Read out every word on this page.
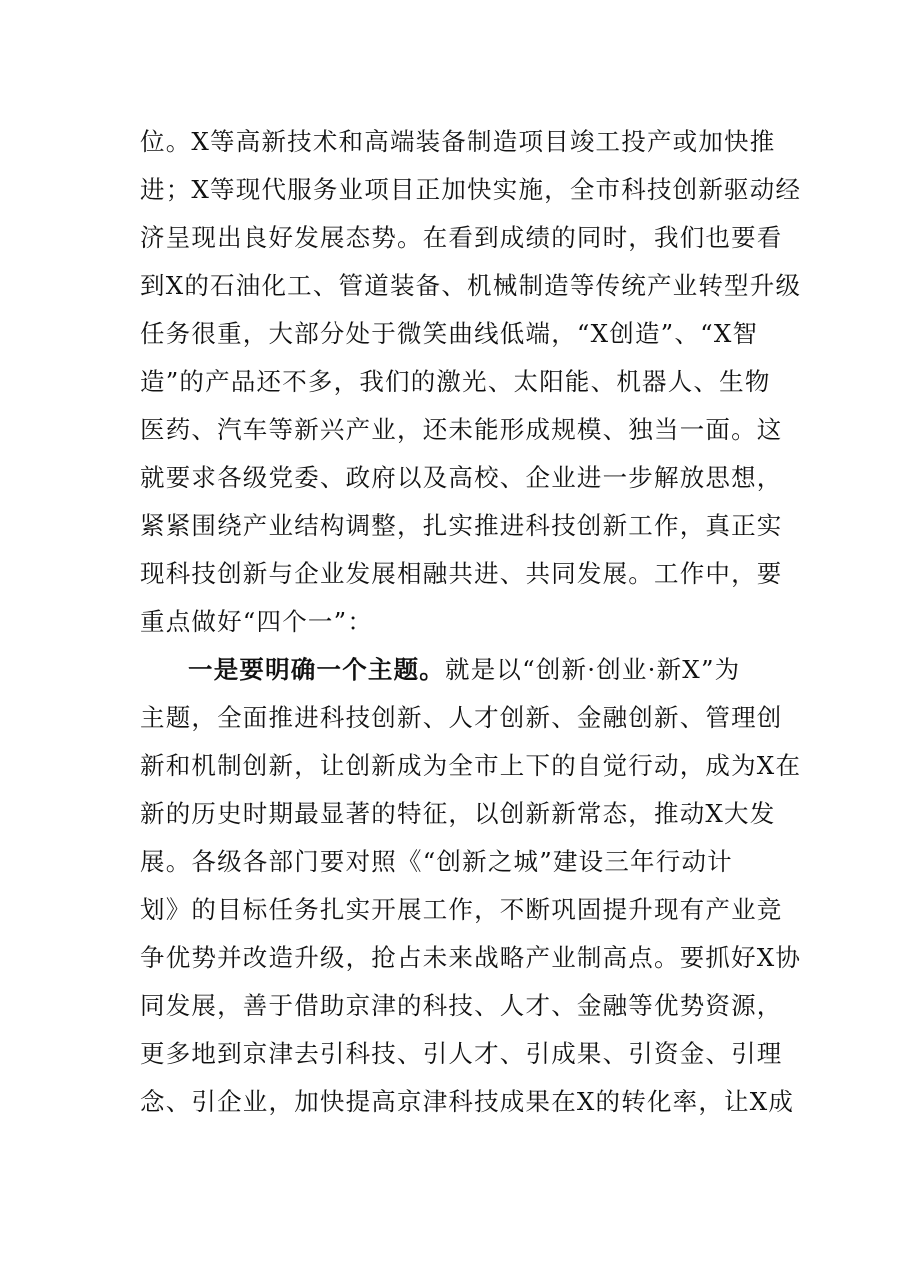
位。X等高新技术和高端装备制造项目竣工投产或加快推
进；X等现代服务业项目正加快实施，全市科技创新驱动经
济呈现出良好发展态势。在看到成绩的同时，我们也要看
到X的石油化工、管道装备、机械制造等传统产业转型升级
任务很重，大部分处于微笑曲线低端，“X创造”、“X智
造”的产品还不多，我们的激光、太阳能、机器人、生物
医药、汽车等新兴产业，还未能形成规模、独当一面。这
就要求各级党委、政府以及高校、企业进一步解放思想，
紧紧围绕产业结构调整，扎实推进科技创新工作，真正实
现科技创新与企业发展相融共进、共同发展。工作中，要
重点做好“四个一”：
一是要明确一个主题。就是以“创新·创业·新X”为
主题，全面推进科技创新、人才创新、金融创新、管理创
新和机制创新，让创新成为全市上下的自觉行动，成为X在
新的历史时期最显著的特征，以创新新常态，推动X大发
展。各级各部门要对照《“创新之城”建设三年行动计
划》的目标任务扎实开展工作，不断巩固提升现有产业竞
争优势并改造升级，抢占未来战略产业制高点。要抓好X协
同发展，善于借助京津的科技、人才、金融等优势资源，
更多地到京津去引科技、引人才、引成果、引资金、引理
念、引企业，加快提高京津科技成果在X的转化率，让X成
